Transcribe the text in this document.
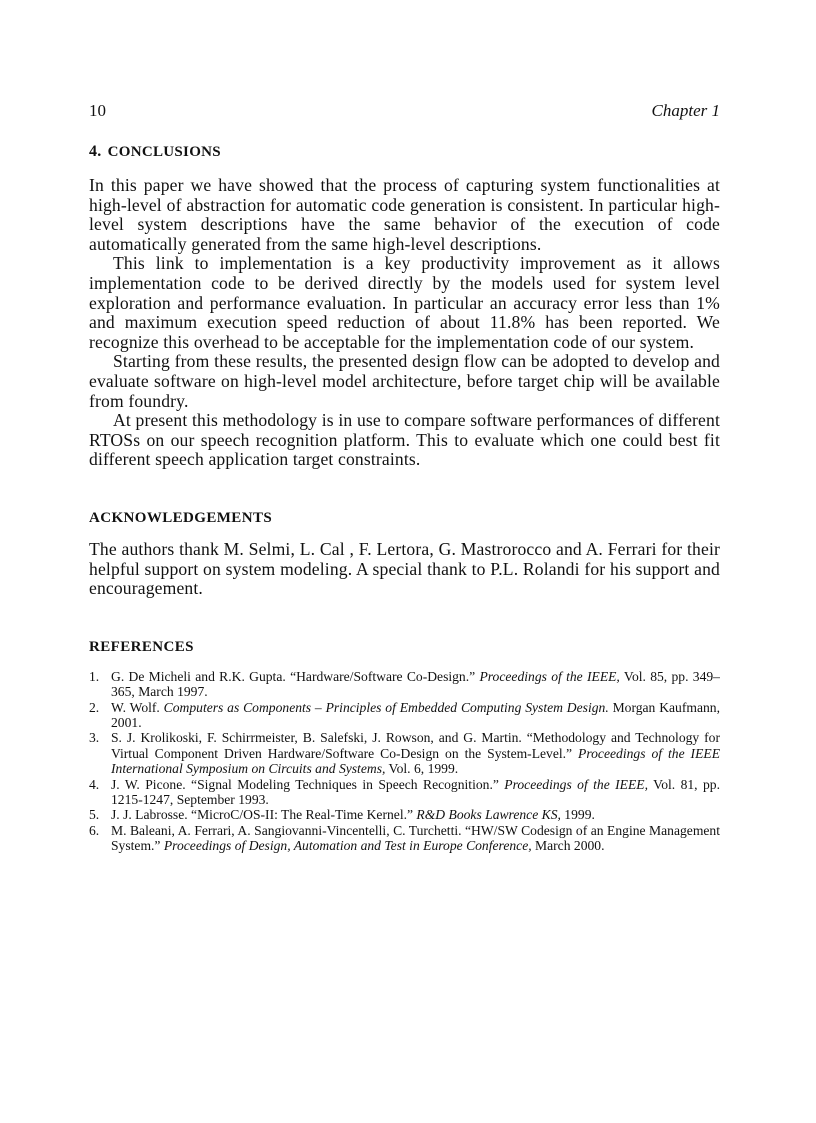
10	Chapter 1
4. CONCLUSIONS

In this paper we have showed that the process of capturing system functionalities at high-level of abstraction for automatic code generation is consistent. In particular high-level system descriptions have the same behavior of the execution of code automatically generated from the same high-level descriptions.

This link to implementation is a key productivity improvement as it allows implementation code to be derived directly by the models used for system level exploration and performance evaluation. In particular an accuracy error less than 1% and maximum execution speed reduction of about 11.8% has been reported. We recognize this overhead to be acceptable for the implementation code of our system.

Starting from these results, the presented design flow can be adopted to develop and evaluate software on high-level model architecture, before target chip will be available from foundry.

At present this methodology is in use to compare software performances of different RTOSs on our speech recognition platform. This to evaluate which one could best fit different speech application target constraints.

ACKNOWLEDGEMENTS

The authors thank M. Selmi, L. Cal , F. Lertora, G. Mastrorocco and A. Ferrari for their helpful support on system modeling. A special thank to P.L. Rolandi for his support and encouragement.

REFERENCES
1. G. De Micheli and R.K. Gupta. “Hardware/Software Co-Design.” Proceedings of the IEEE, Vol. 85, pp. 349–365, March 1997.
2. W. Wolf. Computers as Components – Principles of Embedded Computing System Design. Morgan Kaufmann, 2001.
3. S. J. Krolikoski, F. Schirrmeister, B. Salefski, J. Rowson, and G. Martin. “Methodology and Technology for Virtual Component Driven Hardware/Software Co-Design on the System-Level.” Proceedings of the IEEE International Symposium on Circuits and Systems, Vol. 6, 1999.
4. J. W. Picone. “Signal Modeling Techniques in Speech Recognition.” Proceedings of the IEEE, Vol. 81, pp. 1215-1247, September 1993.
5. J. J. Labrosse. “MicroC/OS-II: The Real-Time Kernel.” R&D Books Lawrence KS, 1999.
6. M. Baleani, A. Ferrari, A. Sangiovanni-Vincentelli, C. Turchetti. “HW/SW Codesign of an Engine Management System.” Proceedings of Design, Automation and Test in Europe Conference, March 2000.
